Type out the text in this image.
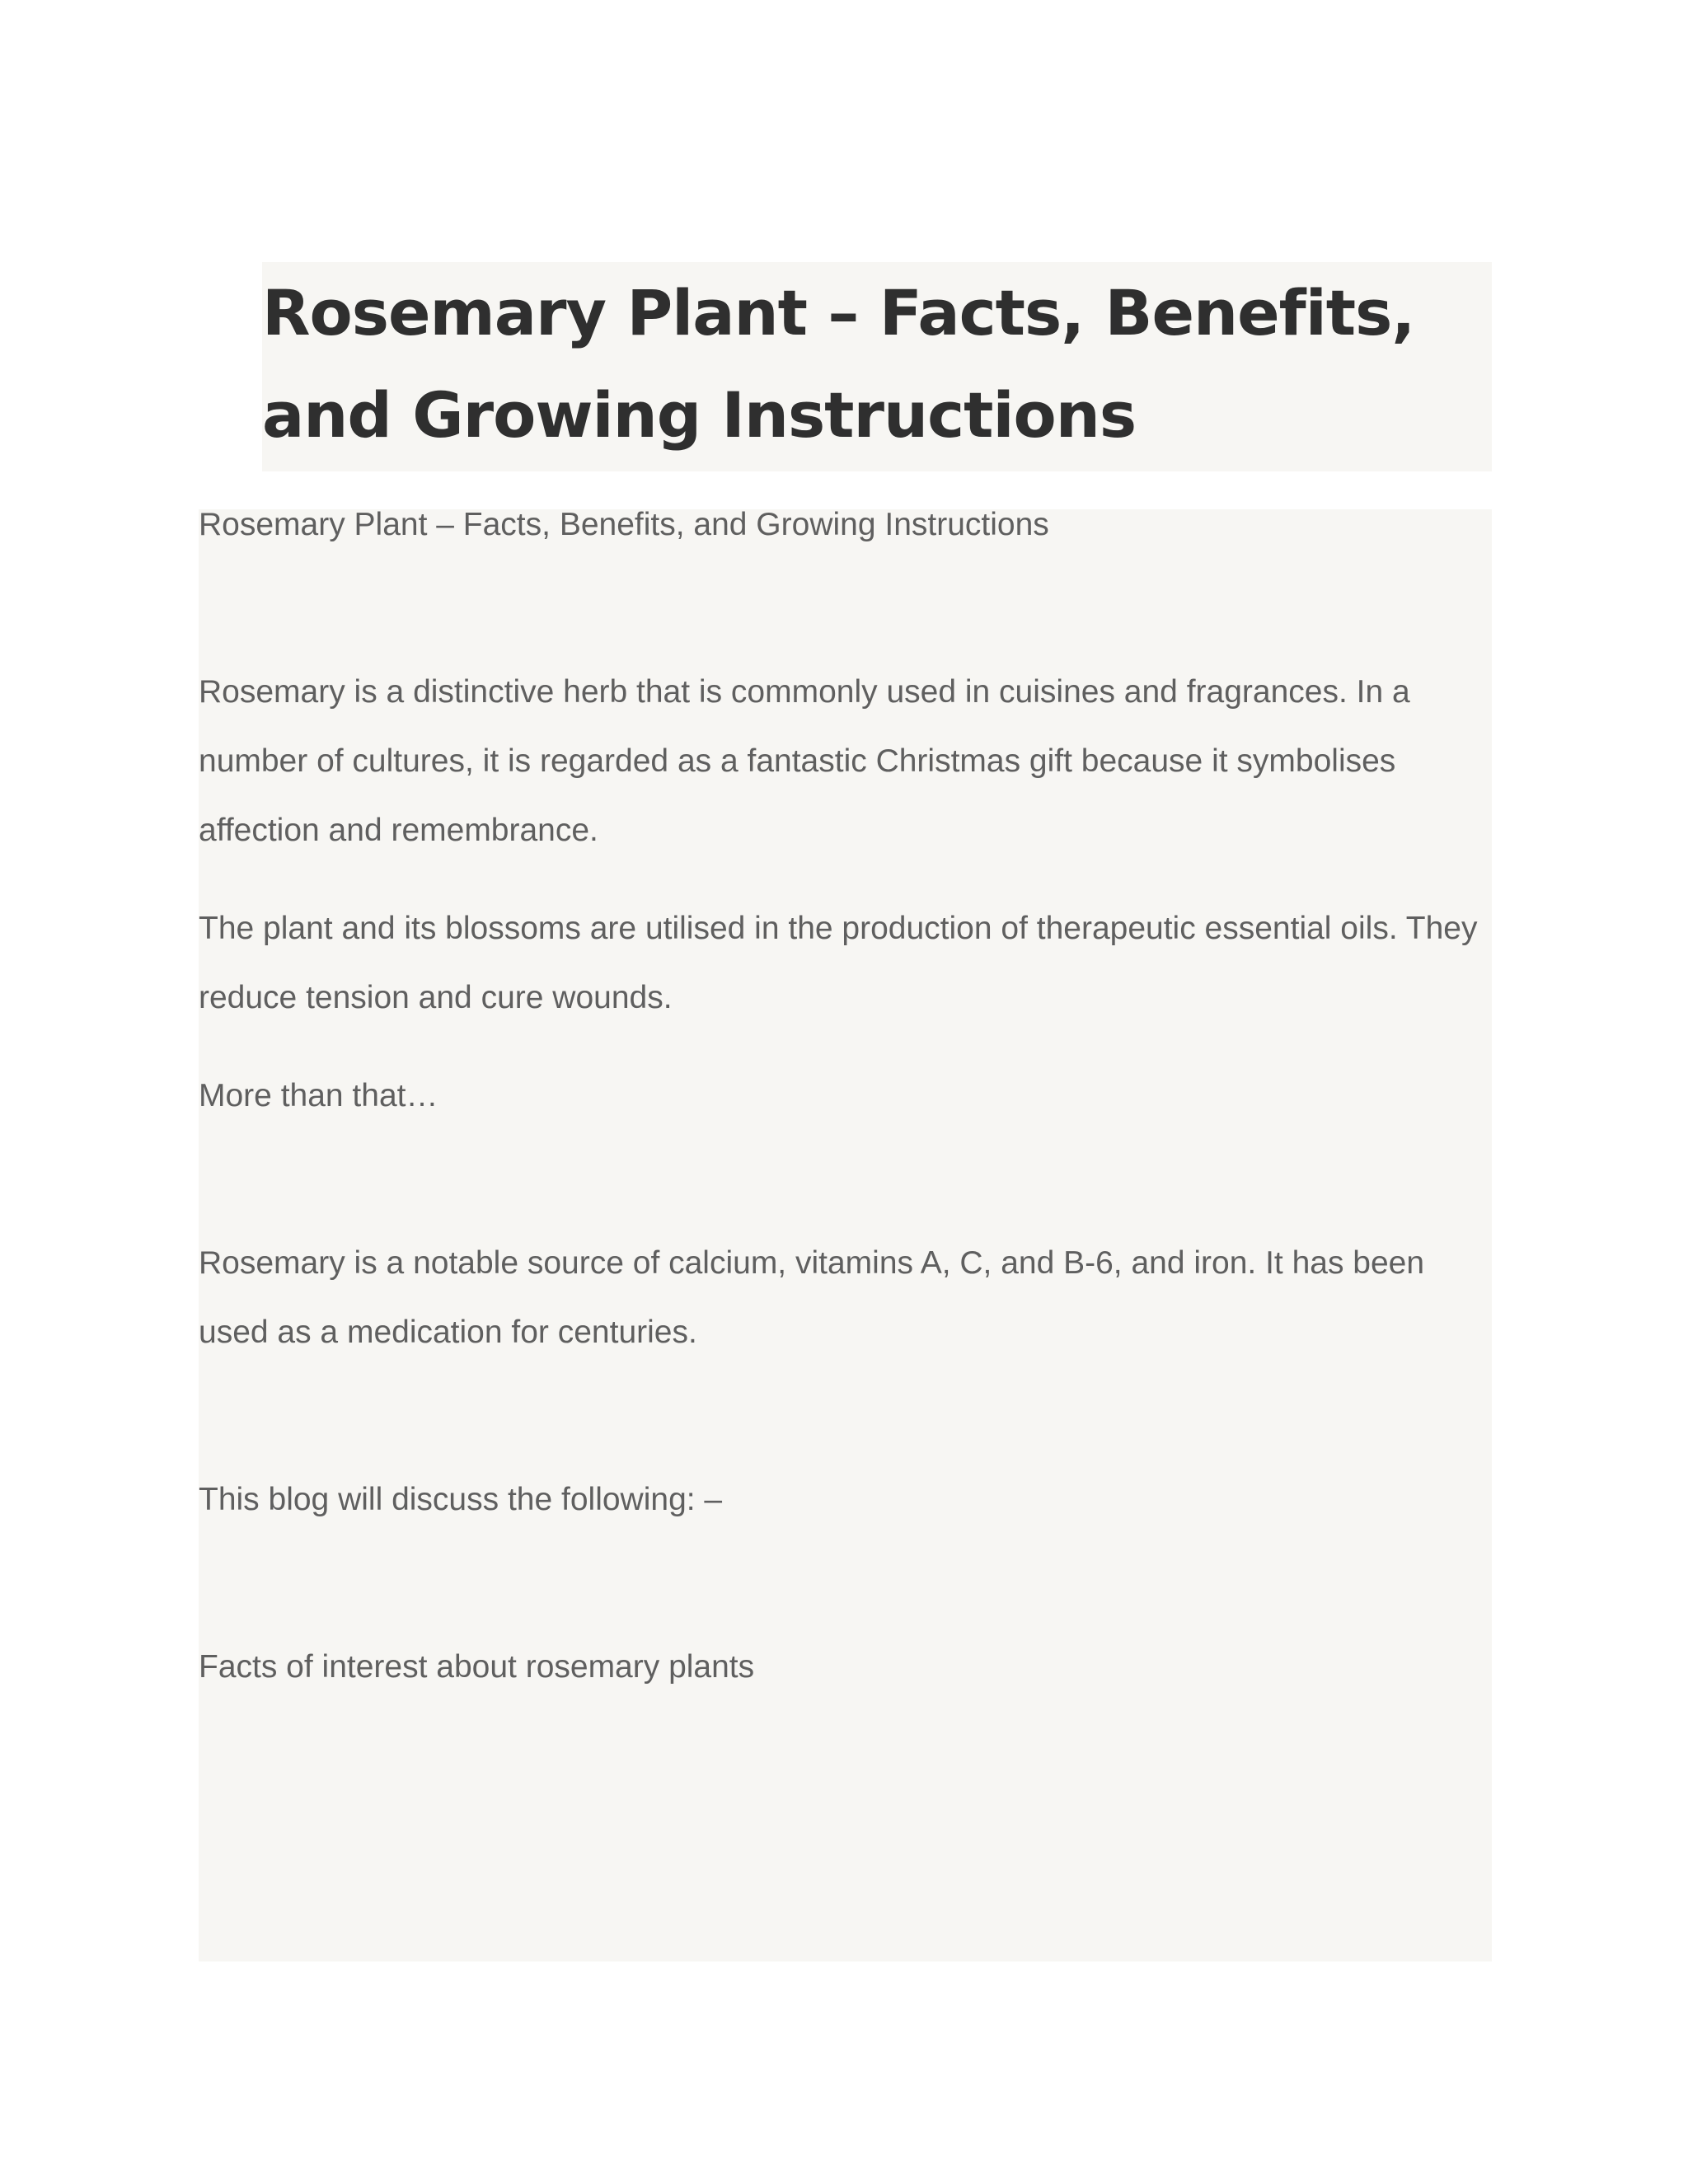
Rosemary Plant – Facts, Benefits, and Growing Instructions

Rosemary Plant – Facts, Benefits, and Growing Instructions

Rosemary is a distinctive herb that is commonly used in cuisines and fragrances. In a number of cultures, it is regarded as a fantastic Christmas gift because it symbolises affection and remembrance.

The plant and its blossoms are utilised in the production of therapeutic essential oils. They reduce tension and cure wounds.

More than that…

Rosemary is a notable source of calcium, vitamins A, C, and B-6, and iron. It has been used as a medication for centuries.

This blog will discuss the following: –

Facts of interest about rosemary plants
